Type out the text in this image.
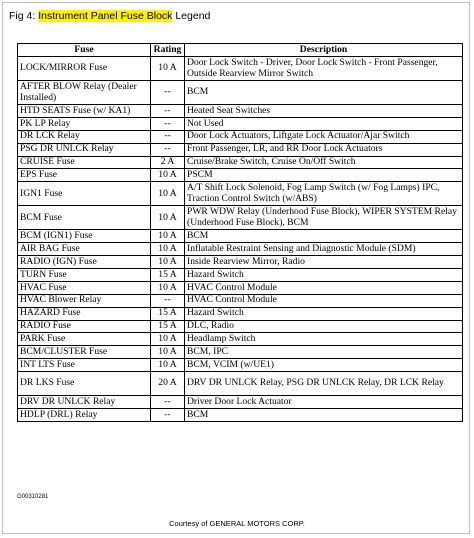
Fig 4: Instrument Panel Fuse Block Legend
Fuse	Rating	Description
LOCK/MIRROR Fuse	10 A	Door Lock Switch - Driver, Door Lock Switch - Front Passenger, Outside Rearview Mirror Switch
AFTER BLOW Relay (Dealer Installed)	--	BCM
HTD SEATS Fuse (w/ KA1)	--	Heated Seat Switches
PK LP Relay	--	Not Used
DR LCK Relay	--	Door Lock Actuators, Liftgate Lock Actuator/Ajar Switch
PSG DR UNLCK Relay	--	Front Passenger, LR, and RR Door Lock Actuators
CRUISE Fuse	2 A	Cruise/Brake Switch, Cruise On/Off Switch
EPS Fuse	10 A	PSCM
IGN1 Fuse	10 A	A/T Shift Lock Solenoid, Fog Lamp Switch (w/ Fog Lamps) IPC, Traction Control Switch (w/ABS)
BCM Fuse	10 A	PWR WDW Relay (Underhood Fuse Block), WIPER SYSTEM Relay (Underhood Fuse Block), BCM
BCM (IGN1) Fuse	10 A	BCM
AIR BAG Fuse	10 A	Inflatable Restraint Sensing and Diagnostic Module (SDM)
RADIO (IGN) Fuse	10 A	Inside Rearview Mirror, Radio
TURN Fuse	15 A	Hazard Switch
HVAC Fuse	10 A	HVAC Control Module
HVAC Blower Relay	--	HVAC Control Module
HAZARD Fuse	15 A	Hazard Switch
RADIO Fuse	15 A	DLC, Radio
PARK Fuse	10 A	Headlamp Switch
BCM/CLUSTER Fuse	10 A	BCM, IPC
INT LTS Fuse	10 A	BCM, VCIM (w/UE1)
DR LKS Fuse	20 A	DRV DR UNLCK Relay, PSG DR UNLCK Relay, DR LCK Relay
DRV DR UNLCK Relay	--	Driver Door Lock Actuator
HDLP (DRL) Relay	--	BCM
G00310281
Courtesy of GENERAL MOTORS CORP.
